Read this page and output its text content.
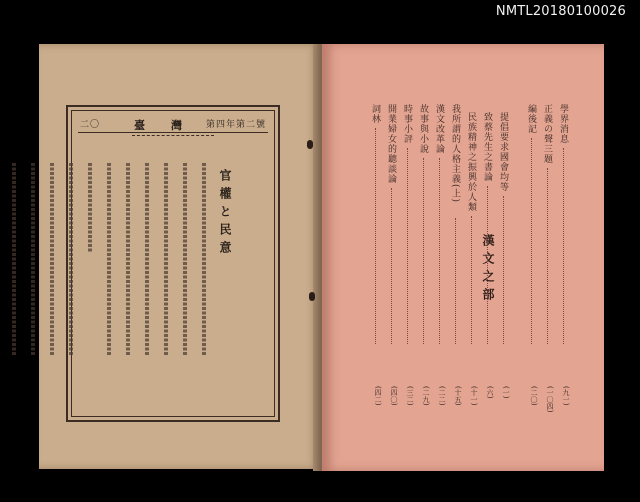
NMTL20180100026
二〇	臺灣
第四年第二號
官權と民意

漢文之部
學界消息
(九一)
正義の聲三題
(一〇四)
編後記
(二〇)
提倡要求國會均等
(一)
致蔡先生之書論
(六)
民族精神之振興於人類
(十一)
我所謂的人格主義(上)
(十五)
漢文改革論
(二二)
故事與小說
(二九)
時事小評
(三二)
開業婦女的聽談論
(四〇)
詞林
(四二)
